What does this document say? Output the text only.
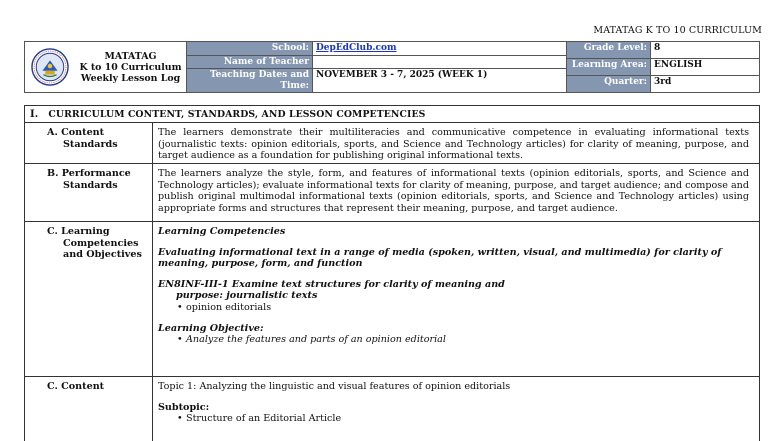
MATATAG K TO 10 CURRICULUM
MATATAG
K to 10 Curriculum
Weekly Lesson Log
School: DepEdClub.com
Name of Teacher
Teaching Dates and Time:
NOVEMBER 3 - 7, 2025 (WEEK 1)
Grade Level: 8
Learning Area: ENGLISH
Quarter: 3rd
I. CURRICULUM CONTENT, STANDARDS, AND LESSON COMPETENCIES
A. Content
Standards
The learners demonstrate their multiliteracies and communicative competence in evaluating informational texts (journalistic texts: opinion editorials, sports, and Science and Technology articles) for clarity of meaning, purpose, and target audience as a foundation for publishing original informational texts.
B. Performance
Standards
The learners analyze the style, form, and features of informational texts (opinion editorials, sports, and Science and Technology articles); evaluate informational texts for clarity of meaning, purpose, and target audience; and compose and publish original multimodal informational texts (opinion editorials, sports, and Science and Technology articles) using appropriate forms and structures that represent their meaning, purpose, and target audience.
C. Learning
Competencies
and Objectives
Learning Competencies
Evaluating informational text in a range of media (spoken, written, visual, and multimedia) for clarity of meaning, purpose, form, and function
EN8INF-III-1 Examine text structures for clarity of meaning and
purpose: journalistic texts
• opinion editorials
Learning Objective:
• Analyze the features and parts of an opinion editorial
C. Content	Topic 1: Analyzing the linguistic and visual features of opinion editorials
Subtopic:
• Structure of an Editorial Article
